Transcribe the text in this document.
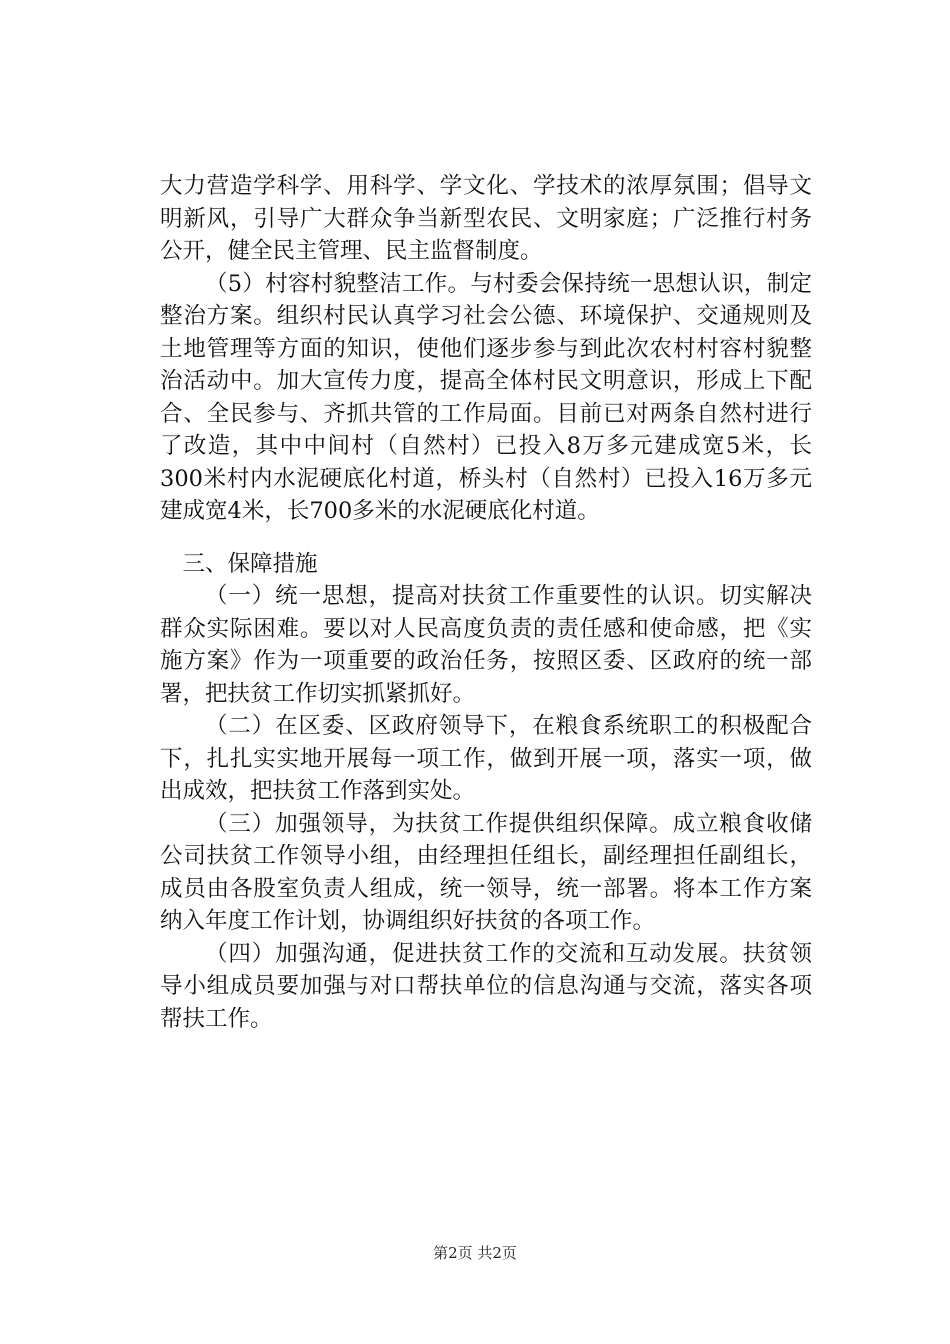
大力营造学科学、用科学、学文化、学技术的浓厚氛围；倡导文明新风，引导广大群众争当新型农民、文明家庭；广泛推行村务公开，健全民主管理、民主监督制度。

（5）村容村貌整洁工作。与村委会保持统一思想认识，制定整治方案。组织村民认真学习社会公德、环境保护、交通规则及土地管理等方面的知识，使他们逐步参与到此次农村村容村貌整治活动中。加大宣传力度，提高全体村民文明意识，形成上下配合、全民参与、齐抓共管的工作局面。目前已对两条自然村进行了改造，其中中间村（自然村）已投入8万多元建成宽5米，长300米村内水泥硬底化村道，桥头村（自然村）已投入16万多元建成宽4米，长700多米的水泥硬底化村道。

三、保障措施

（一）统一思想，提高对扶贫工作重要性的认识。切实解决群众实际困难。要以对人民高度负责的责任感和使命感，把《实施方案》作为一项重要的政治任务，按照区委、区政府的统一部署，把扶贫工作切实抓紧抓好。

（二）在区委、区政府领导下，在粮食系统职工的积极配合下，扎扎实实地开展每一项工作，做到开展一项，落实一项，做出成效，把扶贫工作落到实处。

（三）加强领导，为扶贫工作提供组织保障。成立粮食收储公司扶贫工作领导小组，由经理担任组长，副经理担任副组长，成员由各股室负责人组成，统一领导，统一部署。将本工作方案纳入年度工作计划，协调组织好扶贫的各项工作。

（四）加强沟通，促进扶贫工作的交流和互动发展。扶贫领导小组成员要加强与对口帮扶单位的信息沟通与交流，落实各项帮扶工作。

第2页 共2页
